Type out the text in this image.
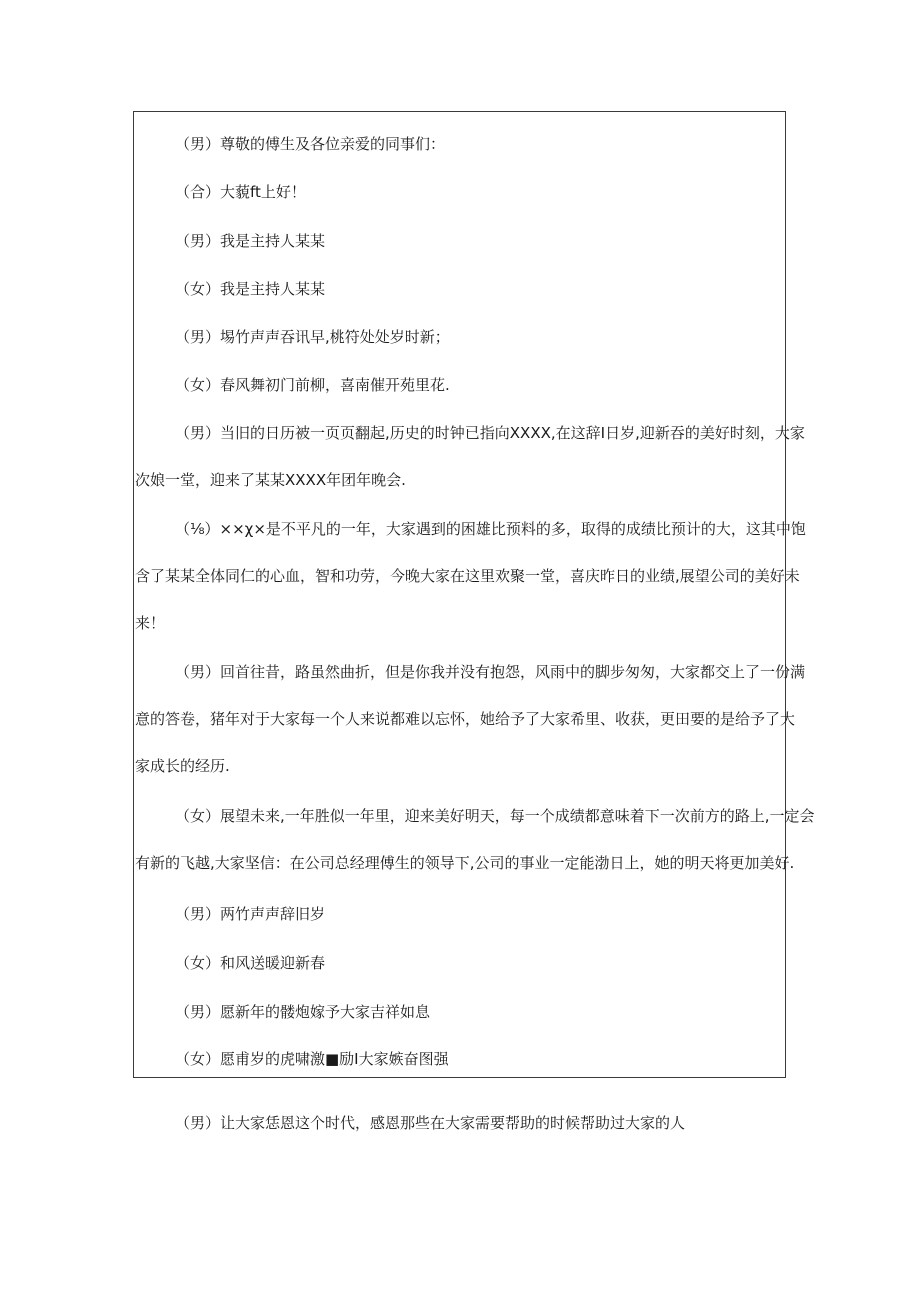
（男）尊敬的傅生及各位亲爱的同事们：

（合）大藐ft上好！

（男）我是主持人某某

（女）我是主持人某某

（男）埸竹声声吞讯早,桃符处处岁时新；

（女）春风舞初门前柳，喜南催开苑里花.

（男）当旧的日历被一页页翻起,历史的时钟已指向XXXX,在这辞I日岁,迎新吞的美好时刻，大家
次娘一堂，迎来了某某XXXX年团年晚会.

（⅛）××χ×是不平凡的一年，大家遇到的困雄比预料的多，取得的成绩比预计的大，这其中饱
含了某某全体同仁的心血，智和功劳，今晚大家在这里欢聚一堂，喜庆昨日的业绩,展望公司的美好未
来！

（男）回首往昔，路虽然曲折，但是你我并没有抱怨，风雨中的脚步匆匆，大家都交上了一份满
意的答卷，猪年对于大家每一个人来说都难以忘怀，她给予了大家希里、收获，更田要的是给予了大
家成长的经历.

（女）展望未来,一年胜似一年里，迎来美好明天，每一个成绩都意味着下一次前方的路上,一定会
有新的飞越,大家坚信：在公司总经理傅生的领导下,公司的事业一定能渤日上，她的明天将更加美好.

（男）两竹声声辞旧岁

（女）和风送暖迎新春

（男）愿新年的髅炮嫁予大家吉祥如息

（女）愿甫岁的虎啸激■励I大家嫉奋图强

（男）让大家恁恩这个时代，感恩那些在大家需要帮助的时候帮助过大家的人
